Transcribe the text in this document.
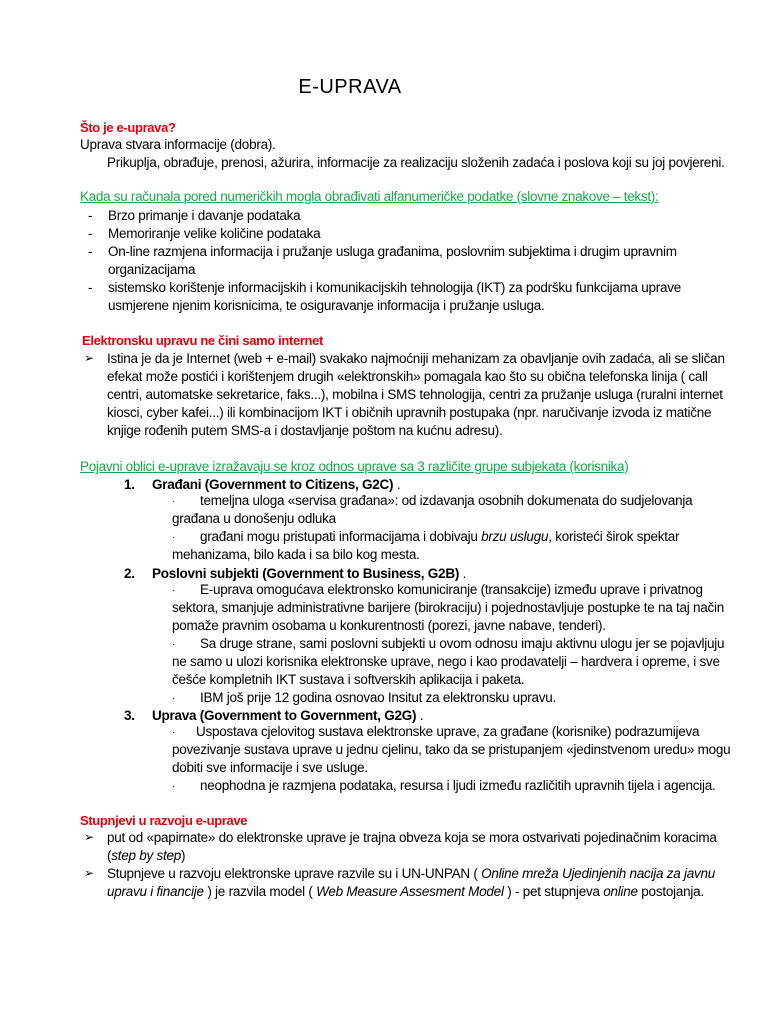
E-UPRAVA
Što je e-uprava?
Uprava stvara informacije (dobra).
Prikuplja, obrađuje, prenosi, ažurira, informacije za realizaciju složenih zadaća i poslova koji su joj povjereni.
Kada su računala pored numeričkih mogla obrađivati alfanumeričke podatke (slovne znakove – tekst):
- Brzo primanje i davanje podataka
- Memoriranje velike količine podataka
- On-line razmjena informacija i pružanje usluga građanima, poslovnim subjektima i drugim upravnim
organizacijama
- sistemsko korištenje informacijskih i komunikacijskih tehnologija (IKT) za podršku funkcijama uprave
usmjerene njenim korisnicima, te osiguravanje informacija i pružanje usluga.
Elektronsku upravu ne čini samo internet
➢ Istina je da je Internet (web + e-mail) svakako najmoćniji mehanizam za obavljanje ovih zadaća, ali se sličan
efekat može postići i korištenjem drugih «elektronskih» pomagala kao što su obična telefonska linija ( call
centri, automatske sekretarice, faks...), mobilna i SMS tehnologija, centri za pružanje usluga (ruralni internet
kiosci, cyber kafei...) ili kombinacijom IKT i običnih upravnih postupaka (npr. naručivanje izvoda iz matične
knjige rođenih putem SMS-a i dostavljanje poštom na kućnu adresu).
Pojavni oblici e-uprave izražavaju se kroz odnos uprave sa 3 različite grupe subjekata (korisnika)
1. Građani (Government to Citizens, G2C) .
·	temeljna uloga «servisa građana»: od izdavanja osobnih dokumenata do sudjelovanja
građana u donošenju odluka
·	građani mogu pristupati informacijama i dobivaju brzu uslugu, koristeći širok spektar
mehanizama, bilo kada i sa bilo kog mesta.
2. Poslovni subjekti (Government to Business, G2B) .
·	E-uprava omogućava elektronsko komuniciranje (transakcije) između uprave i privatnog
sektora, smanjuje administrativne barijere (birokraciju) i pojednostavljuje postupke te na taj način
pomaže pravnim osobama u konkurentnosti (porezi, javne nabave, tenderi).
·	Sa druge strane, sami poslovni subjekti u ovom odnosu imaju aktivnu ulogu jer se pojavljuju
ne samo u ulozi korisnika elektronske uprave, nego i kao prodavatelji – hardvera i opreme, i sve
češće kompletnih IKT sustava i softverskih aplikacija i paketa.
· IBM još prije 12 godina osnovao Insitut za elektronsku upravu.
3. Uprava (Government to Government, G2G) .
·	Uspostava cjelovitog sustava elektronske uprave, za građane (korisnike) podrazumijeva
povezivanje sustava uprave u jednu cjelinu, tako da se pristupanjem «jedinstvenom uredu» mogu
dobiti sve informacije i sve usluge.
· neophodna je razmjena podataka, resursa i ljudi između različitih upravnih tijela i agencija.
Stupnjevi u razvoju e-uprave
➢ put od «papirnate» do elektronske uprave je trajna obveza koja se mora ostvarivati pojedinačnim koracima
(step by step)
➢ Stupnjeve u razvoju elektronske uprave razvile su i UN-UNPAN ( Online mreža Ujedinjenih nacija za javnu
upravu i financije ) je razvila model ( Web Measure Assesment Model ) - pet stupnjeva online postojanja.
